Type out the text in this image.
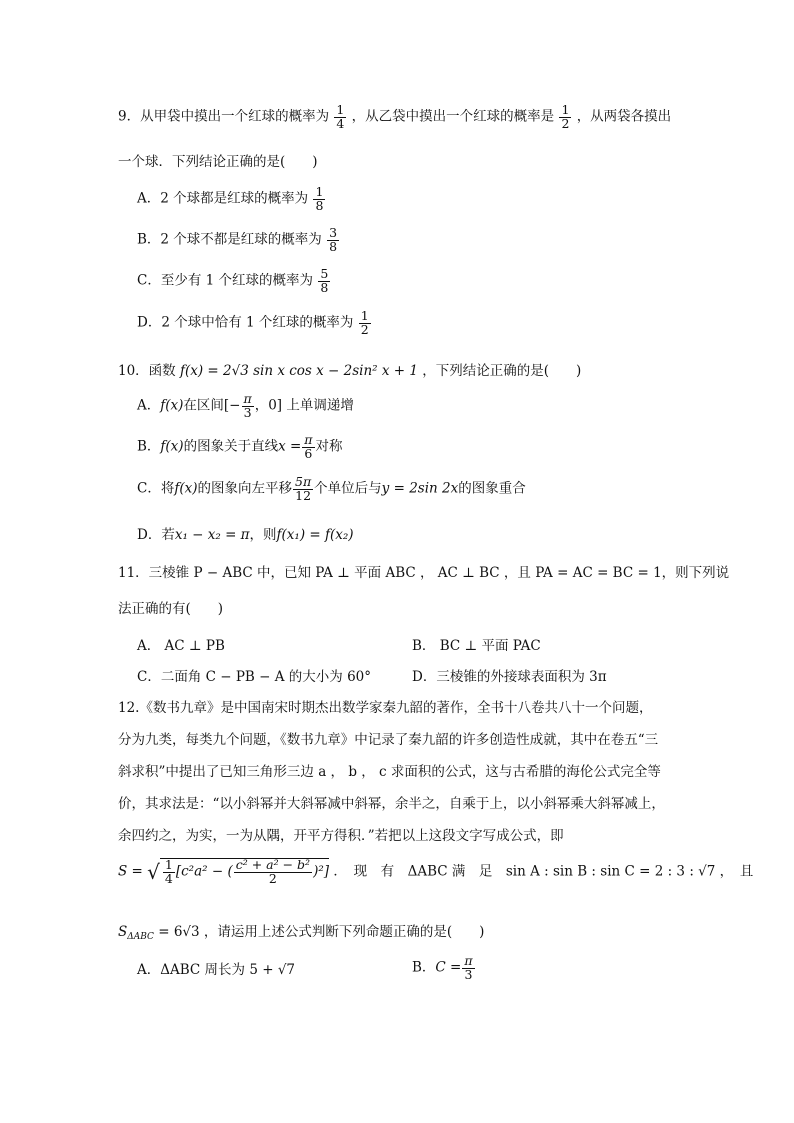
9．从甲袋中摸出一个红球的概率为 $\frac{1}{4}$ ，从乙袋中摸出一个红球的概率是 $\frac{1}{2}$ ，从两袋各摸出
一个球．下列结论正确的是(　　)
A．2 个球都是红球的概率为 $\frac{1}{8}$
B．2 个球不都是红球的概率为 $\frac{3}{8}$
C．至少有 1 个红球的概率为 $\frac{5}{8}$
D．2 个球中恰有 1 个红球的概率为 $\frac{1}{2}$
10．函数 f(x) = 2√3 sin x cos x − 2sin² x + 1 ，下列结论正确的是(　　)
A．f(x)在区间[− $\frac{\pi}{3}$ ，0] 上单调递增
B．f(x)的图象关于直线$x = \frac{\pi}{6}$ 对称
C．将f(x)的图象向左平移 $\frac{5\pi}{12}$ 个单位后与y = 2sin 2x的图象重合
D．若x₁ − x₂ = π，则f(x₁) = f(x₂)
11．三棱锥 P − ABC 中，已知 PA ⊥ 平面 ABC ， AC ⊥ BC ，且 PA = AC = BC = 1，则下列说
法正确的有(　　)
A． AC ⊥ PB	B． BC ⊥ 平面 PAC
C．二面角 C − PB − A 的大小为 60°	D．三棱锥的外接球表面积为 3π
12.《数书九章》是中国南宋时期杰出数学家秦九韶的著作，全书十八卷共八十一个问题，
分为九类，每类九个问题，《数书九章》中记录了秦九韶的许多创造性成就，其中在卷五“三
斜求积”中提出了已知三角形三边 a ， b ， c 求面积的公式，这与古希腊的海伦公式完全等
价，其求法是：“以小斜幂并大斜幂减中斜幂，余半之，自乘于上，以小斜幂乘大斜幂减上，
余四约之，为实，一为从隅，开平方得积．”若把以上这段文字写成公式，即
S = √ $\frac{1}{4} [c^2a^2$ − ( $\frac{\text{c² + a² − b²}}{2} )^2$] ．　现　有　ΔABC 满　足　sin A : sin B : sin C = 2 : 3 : √7 ，　且
$S_{\Delta ABC} = 6√3$ ，请运用上述公式判断下列命题正确的是(　　)
A．ΔABC 周长为 5 + √7	B．$C = \frac{\pi}{3}$
